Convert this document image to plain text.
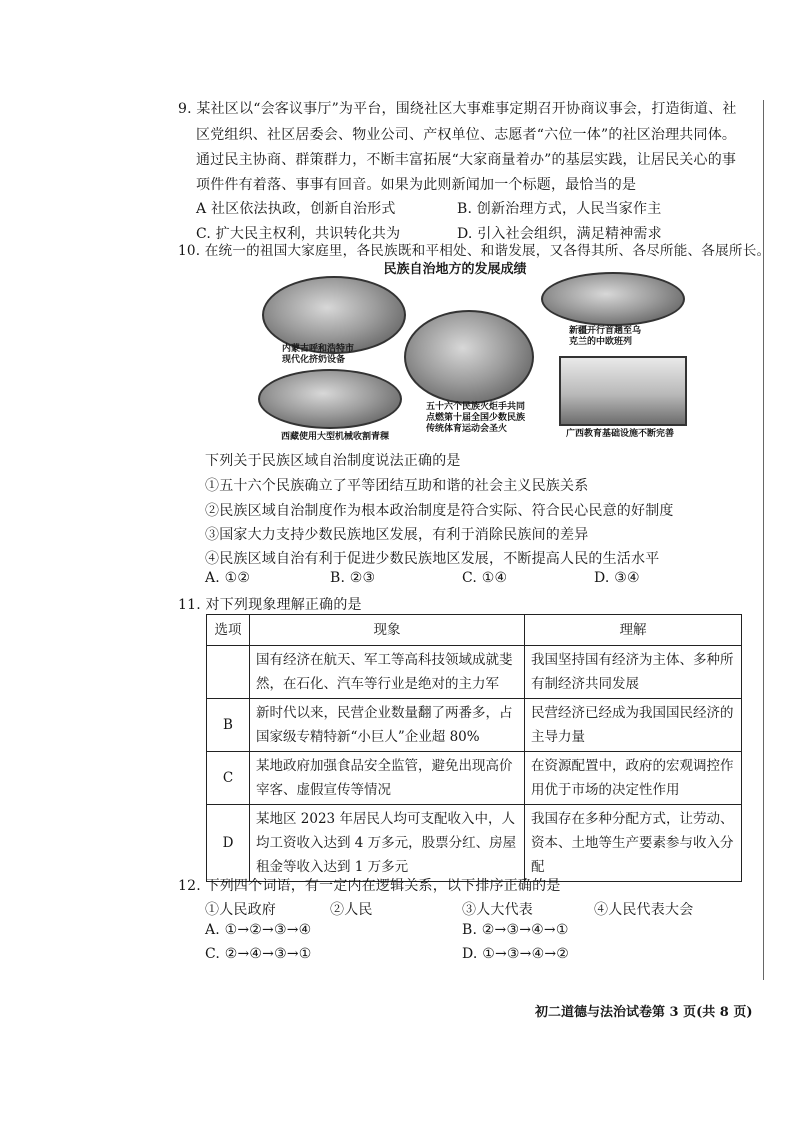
9. 某社区以“会客议事厅”为平台，围绕社区大事难事定期召开协商议事会，打造街道、社
区党组织、社区居委会、物业公司、产权单位、志愿者“六位一体”的社区治理共同体。
通过民主协商、群策群力，不断丰富拓展“大家商量着办”的基层实践，让居民关心的事
项件件有着落、事事有回音。如果为此则新闻加一个标题，最恰当的是
A 社区依法执政，创新自治形式	B. 创新治理方式，人民当家作主
C. 扩大民主权利，共识转化共为	D. 引入社会组织，满足精神需求
10. 在统一的祖国大家庭里，各民族既和平相处、和谐发展，又各得其所、各尽所能、各展所长。
民族自治地方的发展成绩
内蒙古呼和浩特市
现代化挤奶设备
五十六个民族火炬手共同
点燃第十届全国少数民族
传统体育运动会圣火
新疆开行首趟至乌
克兰的中欧班列
西藏使用大型机械收割青稞	广西教育基础设施不断完善
下列关于民族区域自治制度说法正确的是
①五十六个民族确立了平等团结互助和谐的社会主义民族关系
②民族区域自治制度作为根本政治制度是符合实际、符合民心民意的好制度
③国家大力支持少数民族地区发展，有利于消除民族间的差异
④民族区域自治有利于促进少数民族地区发展，不断提高人民的生活水平
A. ①②	B. ②③	C. ①④	D. ③④
11. 对下列现象理解正确的是
选项	现象	理解
	国有经济在航天、军工等高科技领域成就斐然，在石化、汽车等行业是绝对的主力军	我国坚持国有经济为主体、多种所有制经济共同发展
B	新时代以来，民营企业数量翻了两番多，占国家级专精特新“小巨人”企业超 80%	民营经济已经成为我国国民经济的主导力量
C	某地政府加强食品安全监管，避免出现高价宰客、虚假宣传等情况	在资源配置中，政府的宏观调控作用优于市场的决定性作用
D	某地区 2023 年居民人均可支配收入中，人均工资收入达到 4 万多元，股票分红、房屋租金等收入达到 1 万多元	我国存在多种分配方式，让劳动、资本、土地等生产要素参与收入分配
12. 下列四个词语，有一定内在逻辑关系，以下排序正确的是
①人民政府	②人民	③人大代表	④人民代表大会
A. ①→②→③→④	B. ②→③→④→①
C. ②→④→③→①	D. ①→③→④→②
初二道德与法治试卷第 3 页(共 8 页)
